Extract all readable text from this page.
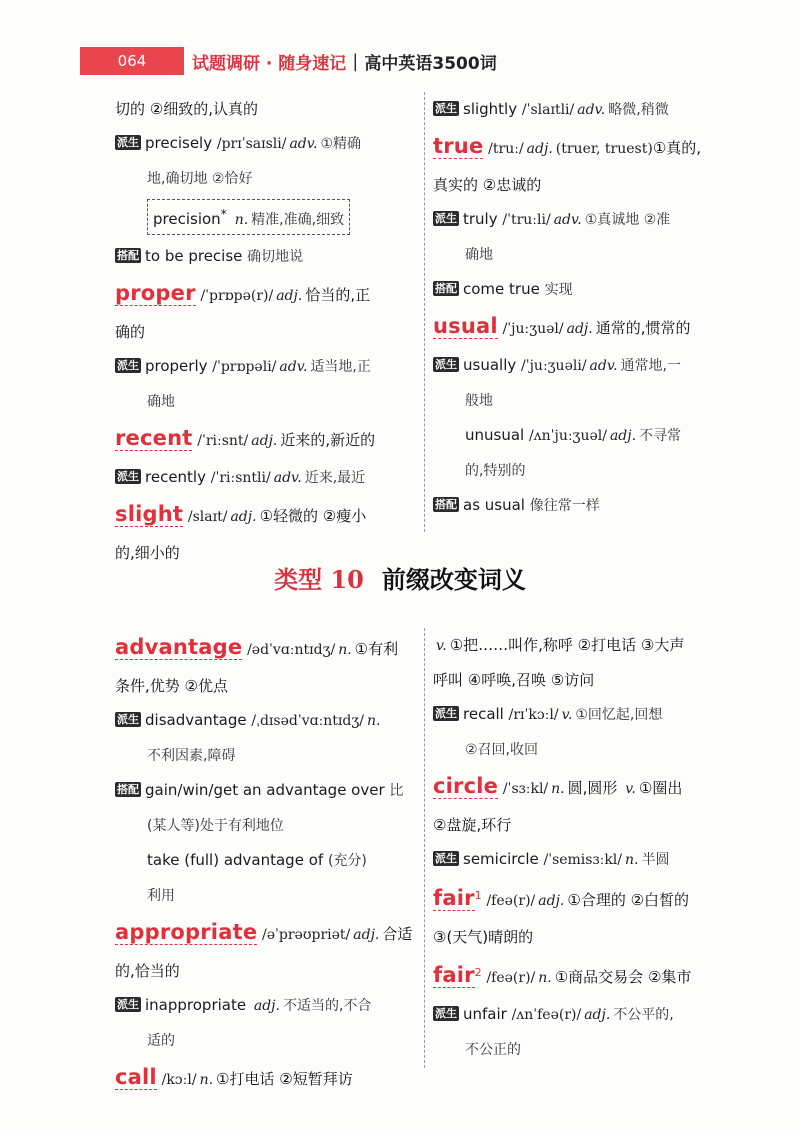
064	试题调研 · 随身速记 | 高中英语3500词
切的 ②细致的,认真的
派生 precisely /prɪˈsaɪsli/ adv. ①精确
地,确切地 ②恰好
precision* n. 精准,准确,细致
搭配 to be precise 确切地说
proper /ˈprɒpə(r)/ adj. 恰当的,正
确的
派生 properly /ˈprɒpəli/ adv. 适当地,正
确地
recent /ˈriːsnt/ adj. 近来的,新近的
派生 recently /ˈriːsntli/ adv. 近来,最近
slight /slaɪt/ adj. ①轻微的 ②瘦小
的,细小的
派生 slightly /ˈslaɪtli/ adv. 略微,稍微
true /truː/ adj. (truer, truest)①真的,
真实的 ②忠诚的
派生 truly /ˈtruːli/ adv. ①真诚地 ②准
确地
搭配 come true 实现
usual /ˈjuːʒuəl/ adj. 通常的,惯常的
派生 usually /ˈjuːʒuəli/ adv. 通常地,一
般地
unusual /ʌnˈjuːʒuəl/ adj. 不寻常
的,特别的
搭配 as usual 像往常一样
类型 10 前缀改变词义
advantage /ədˈvɑːntɪdʒ/ n. ①有利
条件,优势 ②优点
派生 disadvantage /ˌdɪsədˈvɑːntɪdʒ/ n.
不利因素,障碍
搭配 gain/win/get an advantage over 比
(某人等)处于有利地位
take (full) advantage of (充分)
利用
appropriate /əˈprəʊpriət/ adj. 合适
的,恰当的
派生 inappropriate adj. 不适当的,不合
适的
call /kɔːl/ n. ①打电话 ②短暂拜访
v. ①把……叫作,称呼 ②打电话 ③大声
呼叫 ④呼唤,召唤 ⑤访问
派生 recall /rɪˈkɔːl/ v. ①回忆起,回想
②召回,收回
circle /ˈsɜːkl/ n. 圆,圆形 v. ①圈出
②盘旋,环行
派生 semicircle /ˈsemisɜːkl/ n. 半圆
fair$^1$ /feə(r)/ adj. ①合理的 ②白皙的
③(天气)晴朗的
fair$^2$ /feə(r)/ n. ①商品交易会 ②集市
派生 unfair /ʌnˈfeə(r)/ adj. 不公平的,
不公正的
